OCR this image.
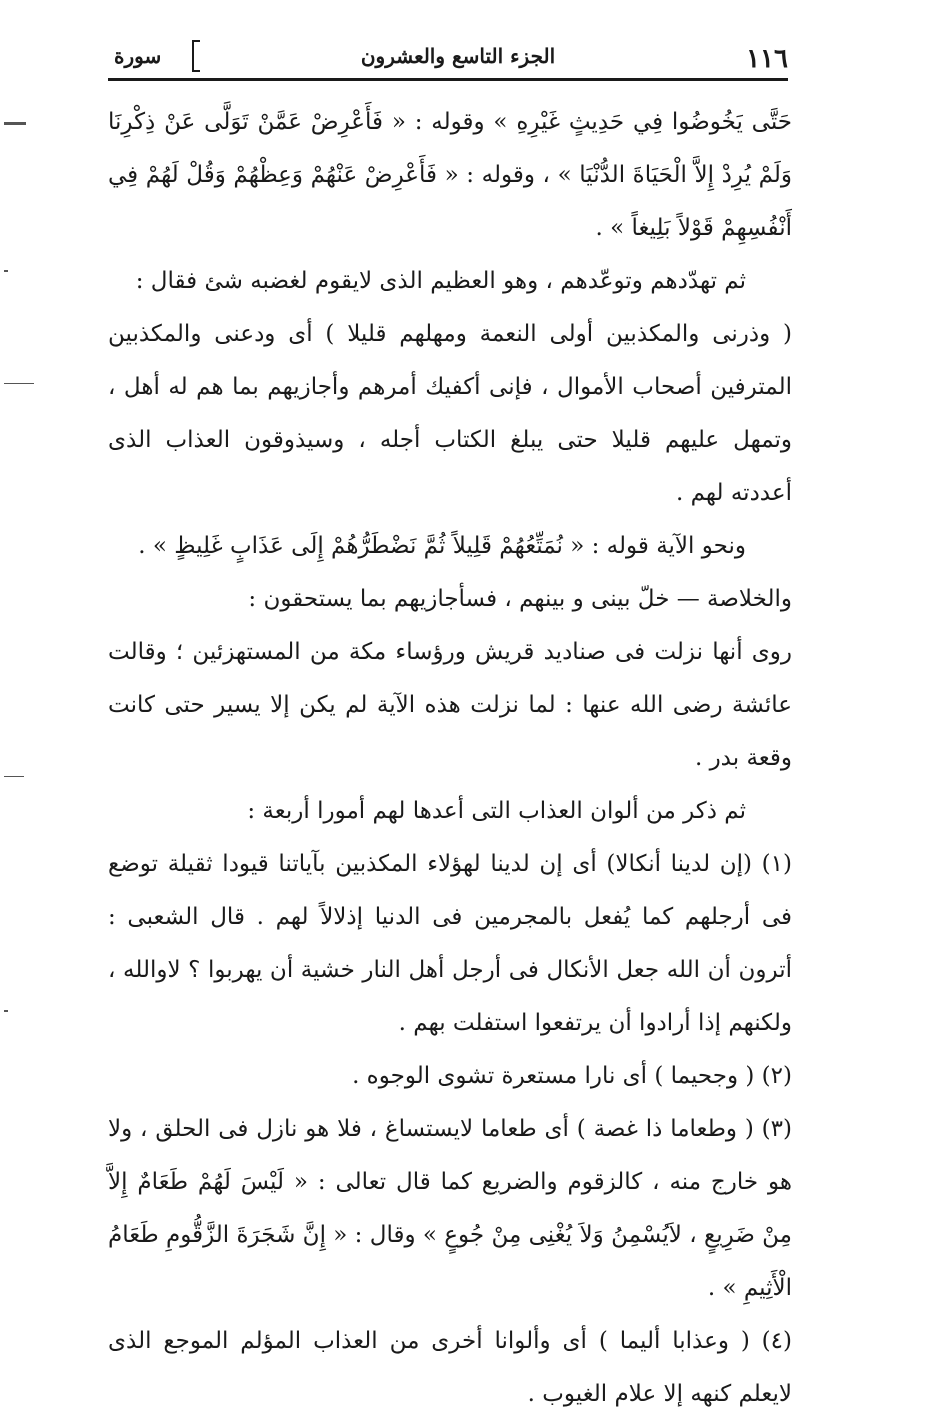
١١٦
الجزء التاسع والعشرون
سورة

حَتَّى يَخُوضُوا فِي حَدِيثٍ غَيْرِهِ » وقوله : « فَأَعْرِضْ عَمَّنْ تَوَلَّى عَنْ ذِكْرِنَا وَلَمْ يُرِدْ إِلاَّ الْحَيَاةَ الدُّنْيَا » ، وقوله : « فَأَعْرِضْ عَنْهُمْ وَعِظْهُمْ وَقُلْ لَهُمْ فِي أَنْفُسِهِمْ قَوْلاً بَلِيغاً » .

ثم تهدّدهم وتوعّدهم ، وهو العظيم الذى لايقوم لغضبه شئ فقال :

( وذرنى والمكذبين أولى النعمة ومهلهم قليلا ) أى ودعنى والمكذبين المترفين أصحاب الأموال ، فإنى أكفيك أمرهم وأجازيهم بما هم له أهل ، وتمهل عليهم قليلا حتى يبلغ الكتاب أجله ، وسيذوقون العذاب الذى أعددته لهم .

ونحو الآية قوله : « نُمَتِّعُهُمْ قَلِيلاً ثُمَّ نَضْطَرُّهُمْ إِلَى عَذَابٍ غَلِيظٍ » .

والخلاصة — خلّ بينى و بينهم ، فسأجازيهم بما يستحقون :

روى أنها نزلت فى صناديد قريش ورؤساء مكة من المستهزئين ؛ وقالت عائشة رضى الله عنها : لما نزلت هذه الآية لم يكن إلا يسير حتى كانت وقعة بدر .

ثم ذكر من ألوان العذاب التى أعدها لهم أمورا أربعة :

(١) (إن لدينا أنكالا) أى إن لدينا لهؤلاء المكذبين بآياتنا قيودا ثقيلة توضع فى أرجلهم كما يُفعل بالمجرمين فى الدنيا إذلالاً لهم . قال الشعبى : أترون أن الله جعل الأنكال فى أرجل أهل النار خشية أن يهربوا ؟ لاوالله ، ولكنهم إذا أرادوا أن يرتفعوا استفلت بهم .

(٢) ( وجحيما ) أى نارا مستعرة تشوى الوجوه .

(٣) ( وطعاما ذا غصة ) أى طعاما لايستساغ ، فلا هو نازل فى الحلق ، ولا هو خارج منه ، كالزقوم والضريع كما قال تعالى : « لَيْسَ لَهُمْ طَعَامٌ إِلاَّ مِنْ ضَرِيعٍ ، لاَيُسْمِنُ وَلاَ يُغْنِى مِنْ جُوعٍ » وقال : « إِنَّ شَجَرَةَ الزَّقُّومِ طَعَامُ الْأَثِيمِ » .

(٤) ( وعذابا أليما ) أى وألوانا أخرى من العذاب المؤلم الموجع الذى لايعلم كنهه إلا علام الغيوب .
